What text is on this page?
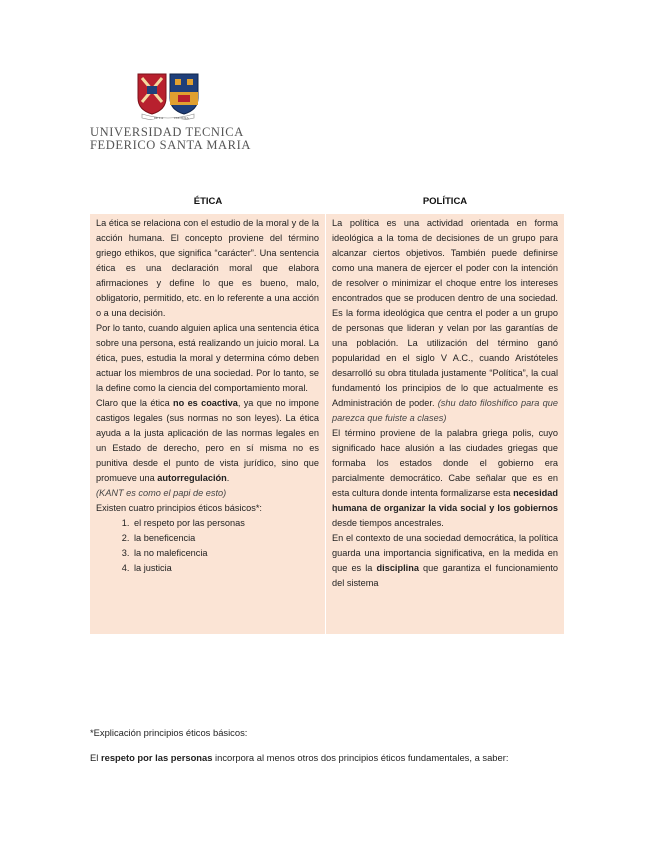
DE LA	CULTURA
UNIVERSIDAD TECNICA
FEDERICO SANTA MARIA
ÉTICA	POLÍTICA

La ética se relaciona con el estudio de la moral y de la acción humana. El concepto proviene del término griego ethikos, que significa “carácter”. Una sentencia ética es una declaración moral que elabora afirmaciones y define lo que es bueno, malo, obligatorio, permitido, etc. en lo referente a una acción o a una decisión.

Por lo tanto, cuando alguien aplica una sentencia ética sobre una persona, está realizando un juicio moral. La ética, pues, estudia la moral y determina cómo deben actuar los miembros de una sociedad. Por lo tanto, se la define como la ciencia del comportamiento moral.

Claro que la ética no es coactiva, ya que no impone castigos legales (sus normas no son leyes). La ética ayuda a la justa aplicación de las normas legales en un Estado de derecho, pero en sí misma no es punitiva desde el punto de vista jurídico, sino que promueve una autorregulación.

(KANT es como el papi de esto)

Existen cuatro principios éticos básicos*:

1. el respeto por las personas
2. la beneficencia
3. la no maleficencia
4. la justicia

La política es una actividad orientada en forma ideológica a la toma de decisiones de un grupo para alcanzar ciertos objetivos. También puede definirse como una manera de ejercer el poder con la intención de resolver o minimizar el choque entre los intereses encontrados que se producen dentro de una sociedad. Es la forma ideológica que centra el poder a un grupo de personas que lideran y velan por las garantías de una población. La utilización del término ganó popularidad en el siglo V A.C., cuando Aristóteles desarrolló su obra titulada justamente “Política”, la cual fundamentó los principios de lo que actualmente es Administración de poder. (shu dato filoshifico para que parezca que fuiste a clases)

El término proviene de la palabra griega polis, cuyo significado hace alusión a las ciudades griegas que formaba los estados donde el gobierno era parcialmente democrático. Cabe señalar que es en esta cultura donde intenta formalizarse esta necesidad humana de organizar la vida social y los gobiernos desde tiempos ancestrales.

En el contexto de una sociedad democrática, la política guarda una importancia significativa, en la medida en que es la disciplina que garantiza el funcionamiento del sistema

*Explicación principios éticos básicos:
El respeto por las personas incorpora al menos otros dos principios éticos fundamentales, a saber:
